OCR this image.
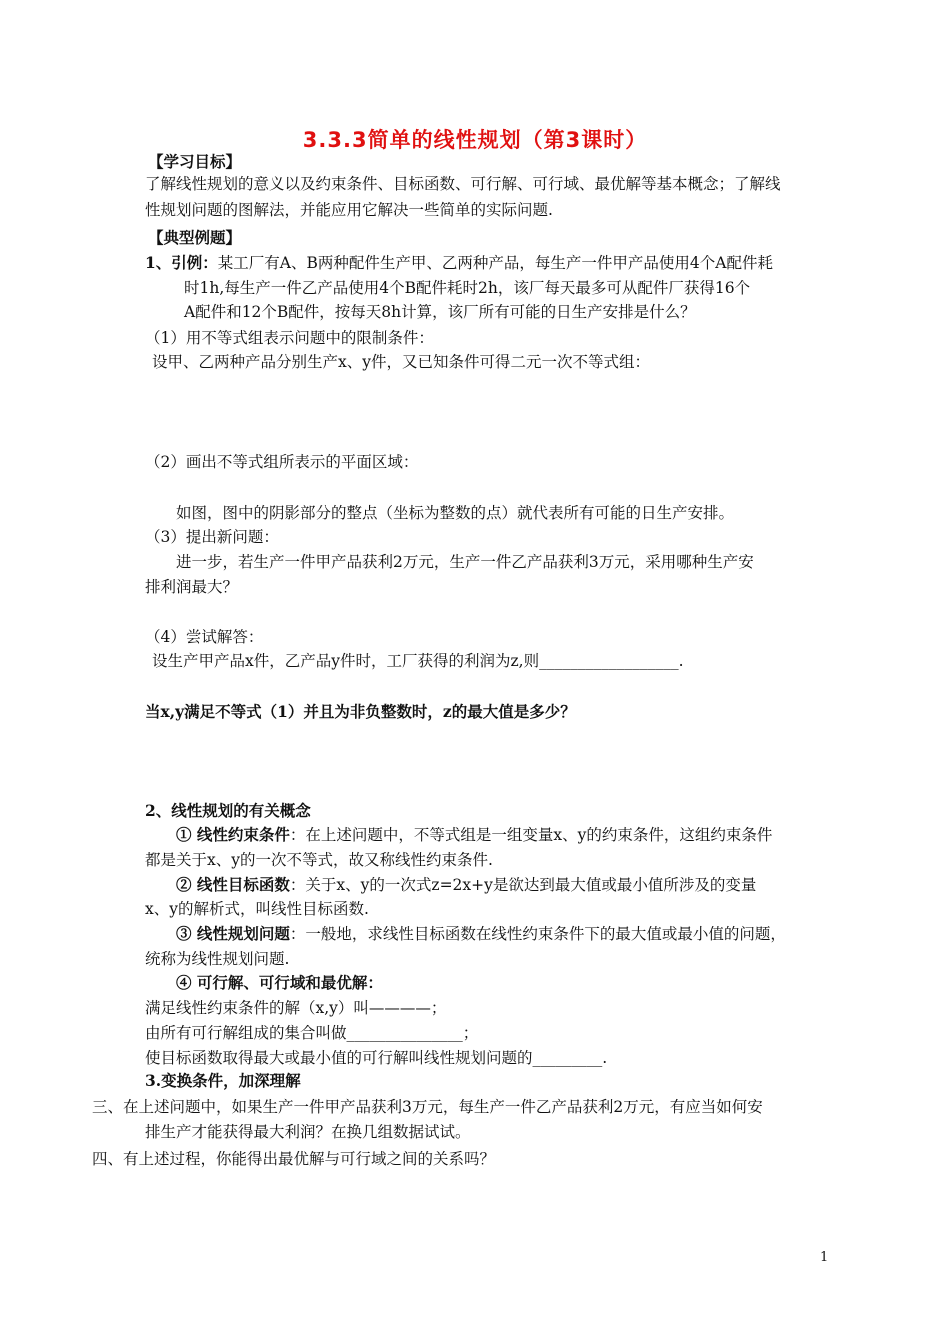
3.3.3简单的线性规划（第3课时）
【学习目标】
了解线性规划的意义以及约束条件、目标函数、可行解、可行域、最优解等基本概念；了解线
性规划问题的图解法，并能应用它解决一些简单的实际问题.
【典型例题】
1、引例：某工厂有A、B两种配件生产甲、乙两种产品，每生产一件甲产品使用4个A配件耗
时1h,每生产一件乙产品使用4个B配件耗时2h，该厂每天最多可从配件厂获得16个
A配件和12个B配件，按每天8h计算，该厂所有可能的日生产安排是什么？
（1）用不等式组表示问题中的限制条件：
设甲、乙两种产品分别生产x、y件，又已知条件可得二元一次不等式组：
（2）画出不等式组所表示的平面区域：
如图，图中的阴影部分的整点（坐标为整数的点）就代表所有可能的日生产安排。
（3）提出新问题：
进一步，若生产一件甲产品获利2万元，生产一件乙产品获利3万元，采用哪种生产安
排利润最大？
（4）尝试解答：
设生产甲产品x件，乙产品y件时，工厂获得的利润为z,则__________________.
当x,y满足不等式（1）并且为非负整数时，z的最大值是多少？
2、线性规划的有关概念
① 线性约束条件：在上述问题中，不等式组是一组变量x、y的约束条件，这组约束条件
都是关于x、y的一次不等式，故又称线性约束条件.
② 线性目标函数：关于x、y的一次式z=2x+y是欲达到最大值或最小值所涉及的变量
x、y的解析式，叫线性目标函数.
③ 线性规划问题：一般地，求线性目标函数在线性约束条件下的最大值或最小值的问题，
统称为线性规划问题.
④ 可行解、可行域和最优解：
满足线性约束条件的解（x,y）叫————；
由所有可行解组成的集合叫做_______________；
使目标函数取得最大或最小值的可行解叫线性规划问题的_________.
3.变换条件，加深理解
三、在上述问题中，如果生产一件甲产品获利3万元，每生产一件乙产品获利2万元，有应当如何安
排生产才能获得最大利润？在换几组数据试试。
四、有上述过程，你能得出最优解与可行域之间的关系吗？
1
